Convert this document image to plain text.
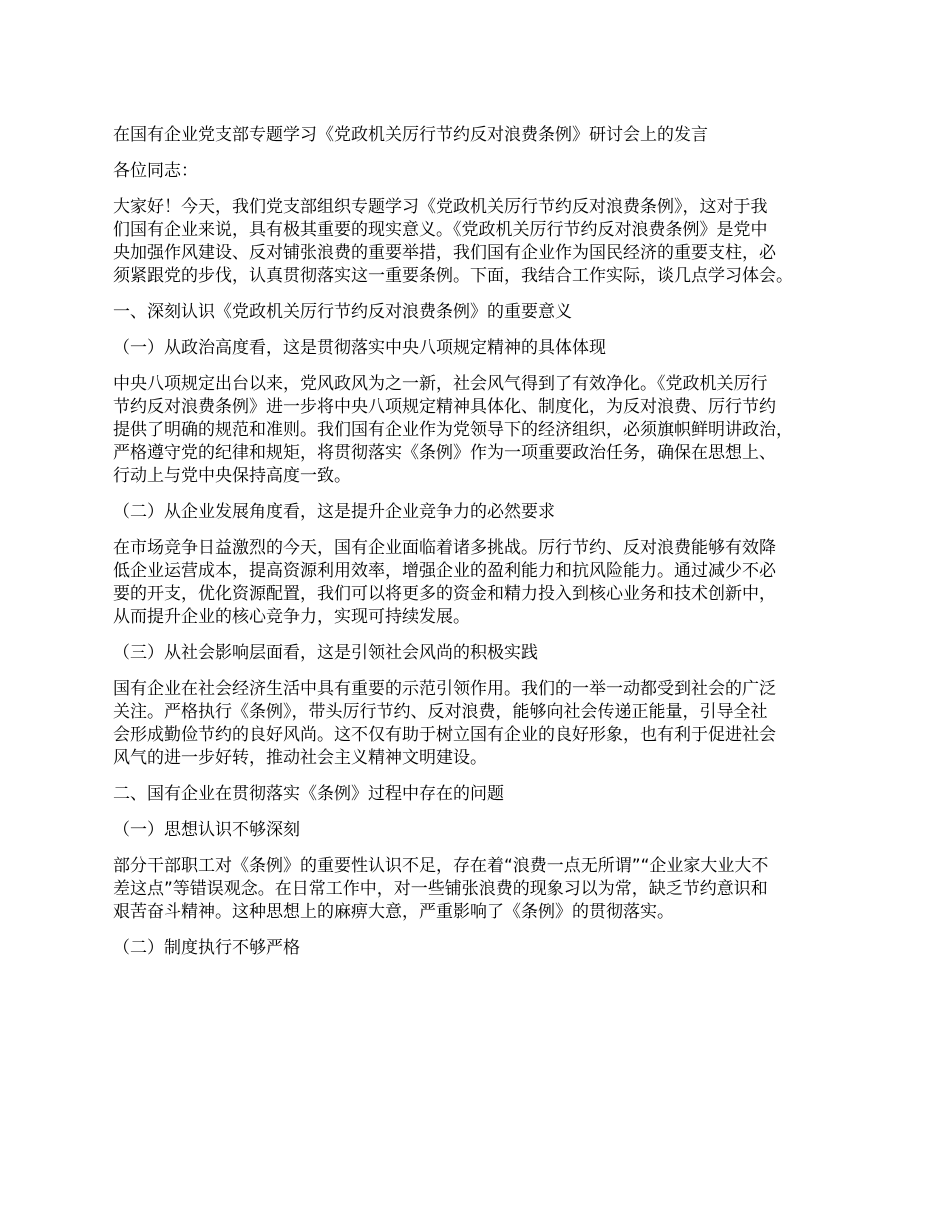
在国有企业党支部专题学习《党政机关厉行节约反对浪费条例》研讨会上的发言

各位同志：

大家好！今天，我们党支部组织专题学习《党政机关厉行节约反对浪费条例》，这对于我
们国有企业来说，具有极其重要的现实意义。《党政机关厉行节约反对浪费条例》是党中
央加强作风建设、反对铺张浪费的重要举措，我们国有企业作为国民经济的重要支柱，必
须紧跟党的步伐，认真贯彻落实这一重要条例。下面，我结合工作实际，谈几点学习体会。

一、深刻认识《党政机关厉行节约反对浪费条例》的重要意义

（一）从政治高度看，这是贯彻落实中央八项规定精神的具体体现

中央八项规定出台以来，党风政风为之一新，社会风气得到了有效净化。《党政机关厉行
节约反对浪费条例》进一步将中央八项规定精神具体化、制度化，为反对浪费、厉行节约
提供了明确的规范和准则。我们国有企业作为党领导下的经济组织，必须旗帜鲜明讲政治，
严格遵守党的纪律和规矩，将贯彻落实《条例》作为一项重要政治任务，确保在思想上、
行动上与党中央保持高度一致。

（二）从企业发展角度看，这是提升企业竞争力的必然要求

在市场竞争日益激烈的今天，国有企业面临着诸多挑战。厉行节约、反对浪费能够有效降
低企业运营成本，提高资源利用效率，增强企业的盈利能力和抗风险能力。通过减少不必
要的开支，优化资源配置，我们可以将更多的资金和精力投入到核心业务和技术创新中，
从而提升企业的核心竞争力，实现可持续发展。

（三）从社会影响层面看，这是引领社会风尚的积极实践

国有企业在社会经济生活中具有重要的示范引领作用。我们的一举一动都受到社会的广泛
关注。严格执行《条例》，带头厉行节约、反对浪费，能够向社会传递正能量，引导全社
会形成勤俭节约的良好风尚。这不仅有助于树立国有企业的良好形象，也有利于促进社会
风气的进一步好转，推动社会主义精神文明建设。

二、国有企业在贯彻落实《条例》过程中存在的问题

（一）思想认识不够深刻

部分干部职工对《条例》的重要性认识不足，存在着“浪费一点无所谓”“企业家大业大不
差这点”等错误观念。在日常工作中，对一些铺张浪费的现象习以为常，缺乏节约意识和
艰苦奋斗精神。这种思想上的麻痹大意，严重影响了《条例》的贯彻落实。

（二）制度执行不够严格
